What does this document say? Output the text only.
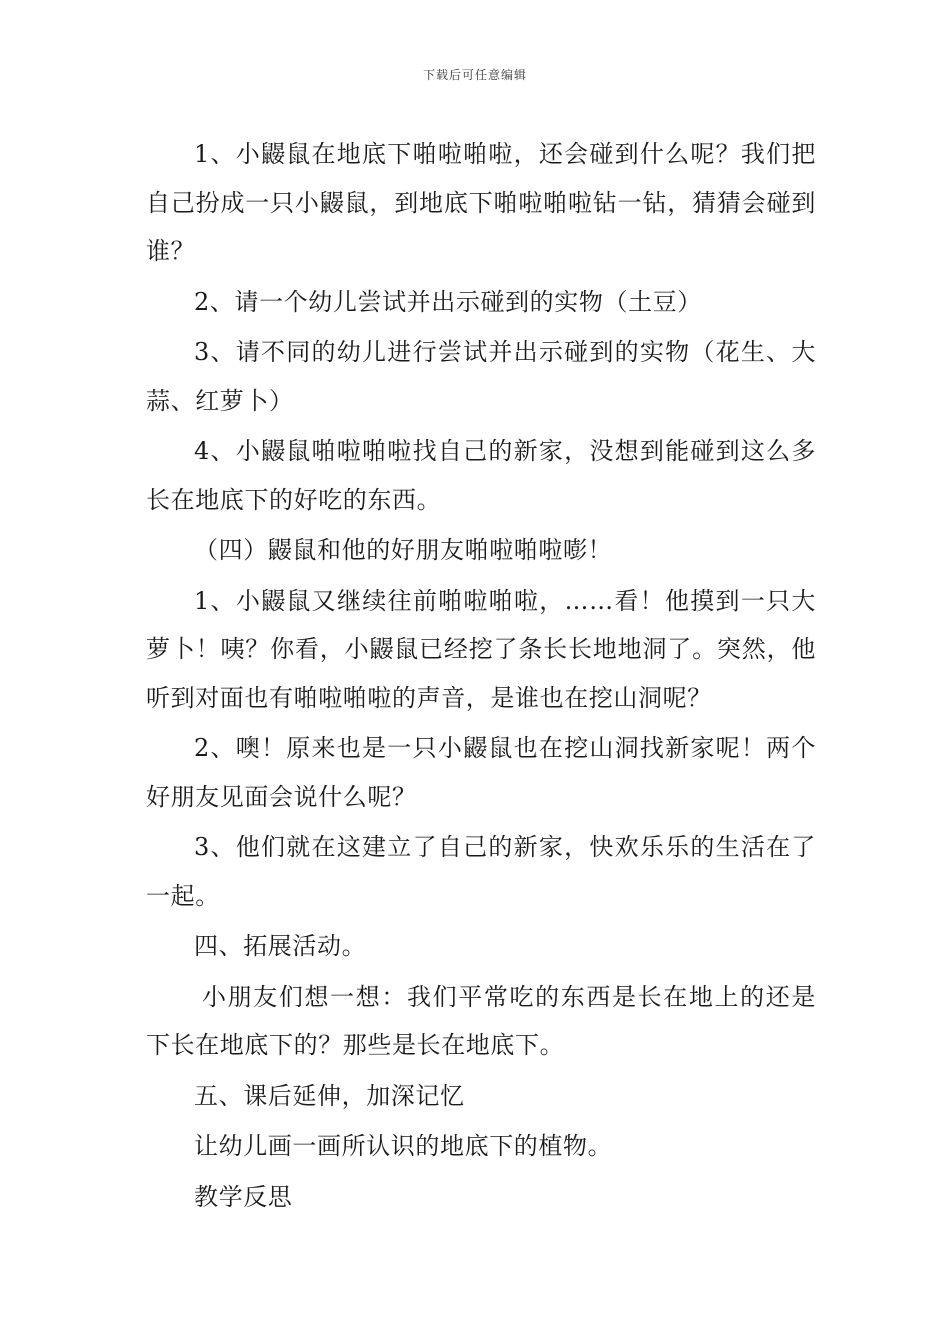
下载后可任意编辑

1、小鼹鼠在地底下啪啦啪啦，还会碰到什么呢？我们把自己扮成一只小鼹鼠，到地底下啪啦啪啦钻一钻，猜猜会碰到谁？

2、请一个幼儿尝试并出示碰到的实物（土豆）

3、请不同的幼儿进行尝试并出示碰到的实物（花生、大蒜、红萝卜）

4、小鼹鼠啪啦啪啦找自己的新家，没想到能碰到这么多长在地底下的好吃的东西。

（四）鼹鼠和他的好朋友啪啦啪啦嘭！

1、小鼹鼠又继续往前啪啦啪啦，……看！他摸到一只大萝卜！咦？你看，小鼹鼠已经挖了条长长地地洞了。突然，他听到对面也有啪啦啪啦的声音，是谁也在挖山洞呢？

2、噢！原来也是一只小鼹鼠也在挖山洞找新家呢！两个好朋友见面会说什么呢？

3、他们就在这建立了自己的新家，快欢乐乐的生活在了一起。

四、拓展活动。

小朋友们想一想：我们平常吃的东西是长在地上的还是下长在地底下的？那些是长在地底下。

五、课后延伸，加深记忆

让幼儿画一画所认识的地底下的植物。

教学反思
